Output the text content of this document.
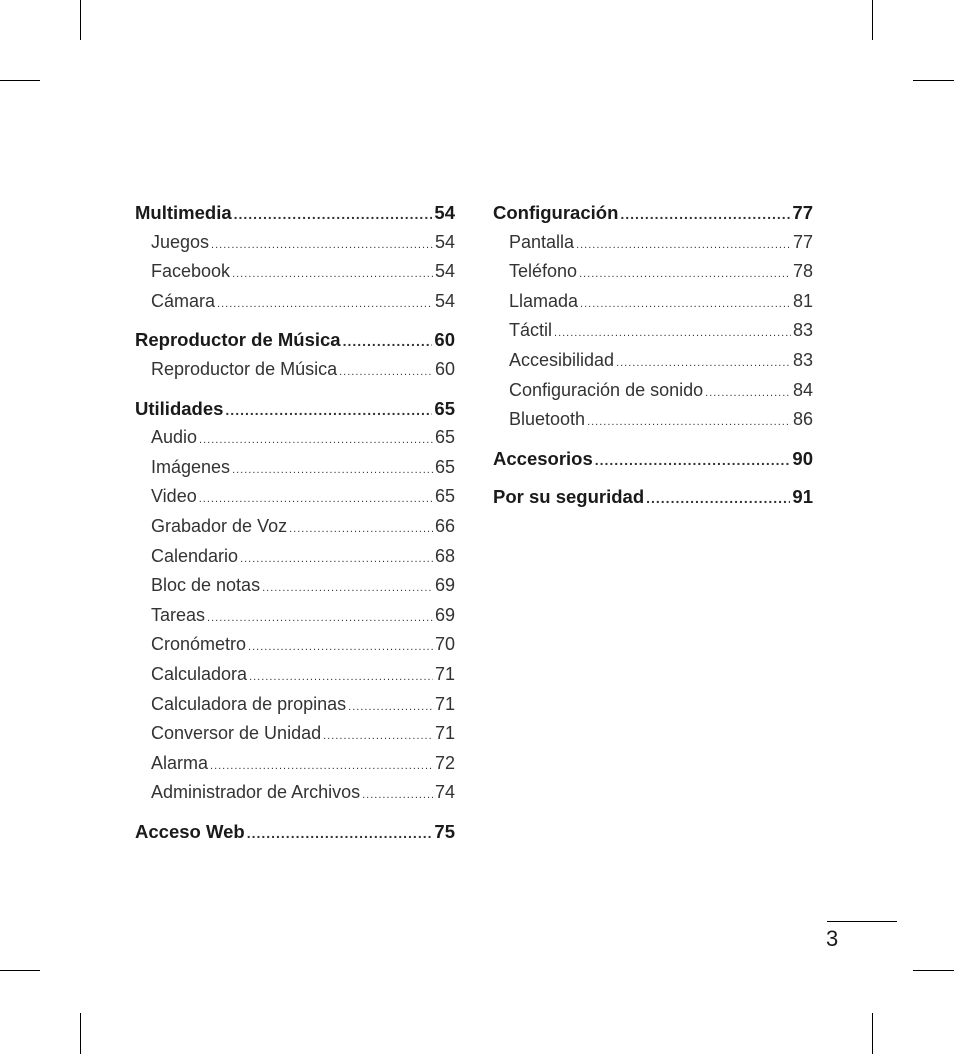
Multimedia .....	54
Juegos .....	54
Facebook .....	54
Cámara .....	54
Reproductor de Música .....	60
Reproductor de Música .....	60
Utilidades .....	65
Audio .....	65
Imágenes .....	65
Video .....	65
Grabador de Voz .....	66
Calendario .....	68
Bloc de notas .....	69
Tareas .....	69
Cronómetro .....	70
Calculadora .....	71
Calculadora de propinas .....	71
Conversor de Unidad .....	71
Alarma .....	72
Administrador de Archivos .....	74
Acceso Web .....	75
Configuración .....	77
Pantalla .....	77
Teléfono .....	78
Llamada .....	81
Táctil .....	83
Accesibilidad .....	83
Configuración de sonido .....	84
Bluetooth .....	86
Accesorios .....	90
Por su seguridad .....	91
3
